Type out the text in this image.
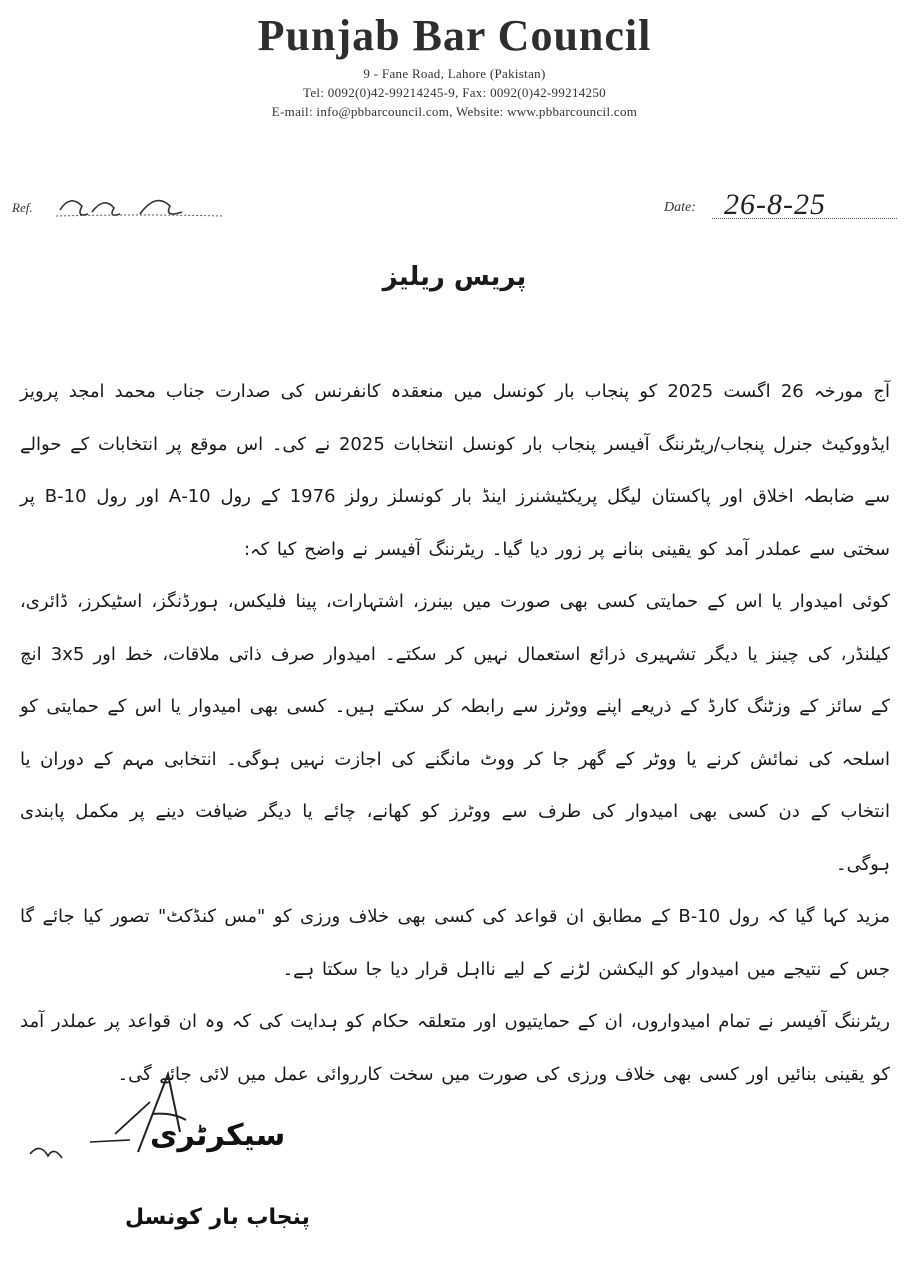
Punjab Bar Council
9 - Fane Road, Lahore (Pakistan)
Tel: 0092(0)42-99214245-9, Fax: 0092(0)42-99214250
E-mail: info@pbbarcouncil.com, Website: www.pbbarcouncil.com
Ref.	Date: 26-8-25
پریس ریلیز

آج مورخہ 26 اگست 2025 کو پنجاب بار کونسل میں منعقدہ کانفرنس کی صدارت جناب محمد امجد پرویز ایڈووکیٹ جنرل پنجاب/ریٹرننگ آفیسر پنجاب بار کونسل انتخابات 2025 نے کی۔ اس موقع پر انتخابات کے حوالے سے ضابطہ اخلاق اور پاکستان لیگل پریکٹیشنرز اینڈ بار کونسلز رولز 1976 کے رول 10-A اور رول 10-B پر سختی سے عملدر آمد کو یقینی بنانے پر زور دیا گیا۔ ریٹرننگ آفیسر نے واضح کیا کہ:

کوئی امیدوار یا اس کے حمایتی کسی بھی صورت میں بینرز، اشتہارات، پینا فلیکس، ہورڈنگز، اسٹیکرز، ڈائری، کیلنڈر، کی چینز یا دیگر تشہیری ذرائع استعمال نہیں کر سکتے۔ امیدوار صرف ذاتی ملاقات، خط اور 3x5 انچ کے سائز کے وزٹنگ کارڈ کے ذریعے اپنے ووٹرز سے رابطہ کر سکتے ہیں۔ کسی بھی امیدوار یا اس کے حمایتی کو اسلحہ کی نمائش کرنے یا ووٹر کے گھر جا کر ووٹ مانگنے کی اجازت نہیں ہوگی۔ انتخابی مہم کے دوران یا انتخاب کے دن کسی بھی امیدوار کی طرف سے ووٹرز کو کھانے، چائے یا دیگر ضیافت دینے پر مکمل پابندی ہوگی۔

مزید کہا گیا کہ رول 10-B کے مطابق ان قواعد کی کسی بھی خلاف ورزی کو "مس کنڈکٹ" تصور کیا جائے گا جس کے نتیجے میں امیدوار کو الیکشن لڑنے کے لیے نااہل قرار دیا جا سکتا ہے۔

ریٹرننگ آفیسر نے تمام امیدواروں، ان کے حمایتیوں اور متعلقہ حکام کو ہدایت کی کہ وہ ان قواعد پر عملدر آمد کو یقینی بنائیں اور کسی بھی خلاف ورزی کی صورت میں سخت کارروائی عمل میں لائی جائے گی۔

سیکرٹری
پنجاب بار کونسل
